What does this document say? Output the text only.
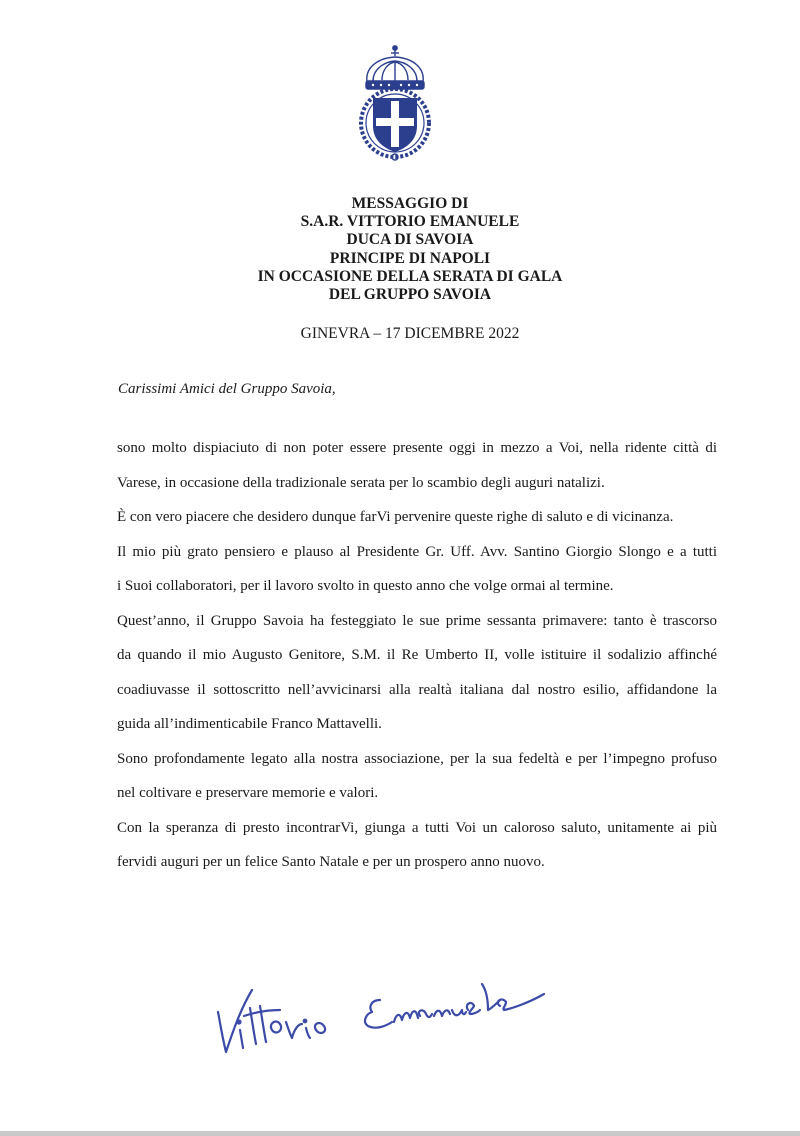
MESSAGGIO DI
S.A.R. VITTORIO EMANUELE
DUCA DI SAVOIA
PRINCIPE DI NAPOLI
IN OCCASIONE DELLA SERATA DI GALA
DEL GRUPPO SAVOIA
GINEVRA – 17 DICEMBRE 2022
Carissimi Amici del Gruppo Savoia,
sono molto dispiaciuto di non poter essere presente oggi in mezzo a Voi, nella ridente città di
Varese, in occasione della tradizionale serata per lo scambio degli auguri natalizi.
È con vero piacere che desidero dunque farVi pervenire queste righe di saluto e di vicinanza.
Il mio più grato pensiero e plauso al Presidente Gr. Uff. Avv. Santino Giorgio Slongo e a tutti
i Suoi collaboratori, per il lavoro svolto in questo anno che volge ormai al termine.
Quest’anno, il Gruppo Savoia ha festeggiato le sue prime sessanta primavere: tanto è trascorso
da quando il mio Augusto Genitore, S.M. il Re Umberto II, volle istituire il sodalizio affinché
coadiuvasse il sottoscritto nell’avvicinarsi alla realtà italiana dal nostro esilio, affidandone la
guida all’indimenticabile Franco Mattavelli.
Sono profondamente legato alla nostra associazione, per la sua fedeltà e per l’impegno profuso
nel coltivare e preservare memorie e valori.
Con la speranza di presto incontrarVi, giunga a tutti Voi un caloroso saluto, unitamente ai più
fervidi auguri per un felice Santo Natale e per un prospero anno nuovo.
